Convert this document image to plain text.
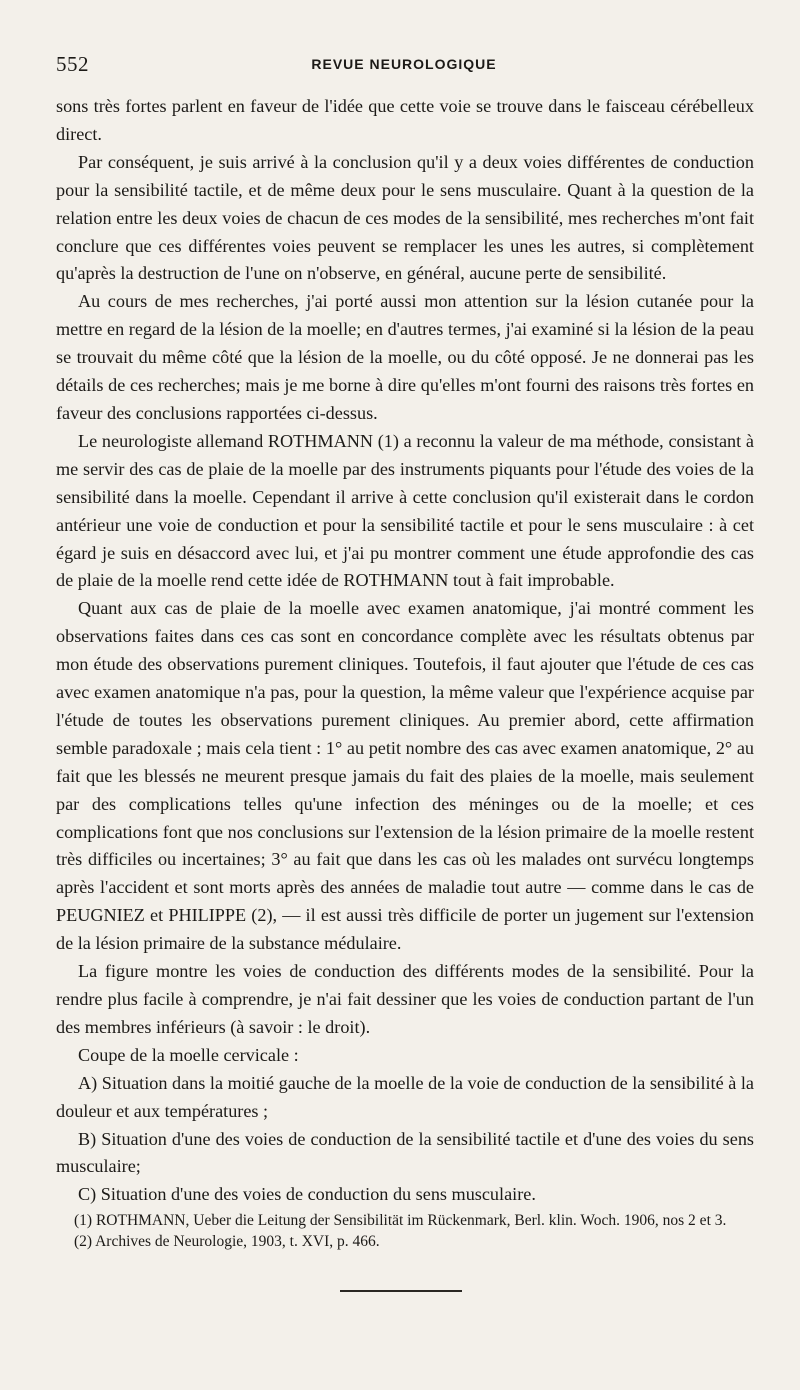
552	REVUE NEUROLOGIQUE

sons très fortes parlent en faveur de l'idée que cette voie se trouve dans le faisceau cérébelleux direct.

Par conséquent, je suis arrivé à la conclusion qu'il y a deux voies différentes de conduction pour la sensibilité tactile, et de même deux pour le sens musculaire. Quant à la question de la relation entre les deux voies de chacun de ces modes de la sensibilité, mes recherches m'ont fait conclure que ces différentes voies peuvent se remplacer les unes les autres, si complètement qu'après la destruction de l'une on n'observe, en général, aucune perte de sensibilité.

Au cours de mes recherches, j'ai porté aussi mon attention sur la lésion cutanée pour la mettre en regard de la lésion de la moelle; en d'autres termes, j'ai examiné si la lésion de la peau se trouvait du même côté que la lésion de la moelle, ou du côté opposé. Je ne donnerai pas les détails de ces recherches; mais je me borne à dire qu'elles m'ont fourni des raisons très fortes en faveur des conclusions rapportées ci-dessus.

Le neurologiste allemand ROTHMANN (1) a reconnu la valeur de ma méthode, consistant à me servir des cas de plaie de la moelle par des instruments piquants pour l'étude des voies de la sensibilité dans la moelle. Cependant il arrive à cette conclusion qu'il existerait dans le cordon antérieur une voie de conduction et pour la sensibilité tactile et pour le sens musculaire : à cet égard je suis en désaccord avec lui, et j'ai pu montrer comment une étude approfondie des cas de plaie de la moelle rend cette idée de ROTHMANN tout à fait improbable.

Quant aux cas de plaie de la moelle avec examen anatomique, j'ai montré comment les observations faites dans ces cas sont en concordance complète avec les résultats obtenus par mon étude des observations purement cliniques. Toutefois, il faut ajouter que l'étude de ces cas avec examen anatomique n'a pas, pour la question, la même valeur que l'expérience acquise par l'étude de toutes les observations purement cliniques. Au premier abord, cette affirmation semble paradoxale ; mais cela tient : 1° au petit nombre des cas avec examen anatomique, 2° au fait que les blessés ne meurent presque jamais du fait des plaies de la moelle, mais seulement par des complications telles qu'une infection des méninges ou de la moelle; et ces complications font que nos conclusions sur l'extension de la lésion primaire de la moelle restent très difficiles ou incertaines; 3° au fait que dans les cas où les malades ont survécu longtemps après l'accident et sont morts après des années de maladie tout autre — comme dans le cas de PEUGNIEZ et PHILIPPE (2), — il est aussi très difficile de porter un jugement sur l'extension de la lésion primaire de la substance médulaire.

La figure montre les voies de conduction des différents modes de la sensibilité. Pour la rendre plus facile à comprendre, je n'ai fait dessiner que les voies de conduction partant de l'un des membres inférieurs (à savoir : le droit).

Coupe de la moelle cervicale :

A) Situation dans la moitié gauche de la moelle de la voie de conduction de la sensibilité à la douleur et aux températures ;

B) Situation d'une des voies de conduction de la sensibilité tactile et d'une des voies du sens musculaire;

C) Situation d'une des voies de conduction du sens musculaire.

(1) ROTHMANN, Ueber die Leitung der Sensibilität im Rückenmark, Berl. klin. Woch. 1906, nos 2 et 3.

(2) Archives de Neurologie, 1903, t. XVI, p. 466.
